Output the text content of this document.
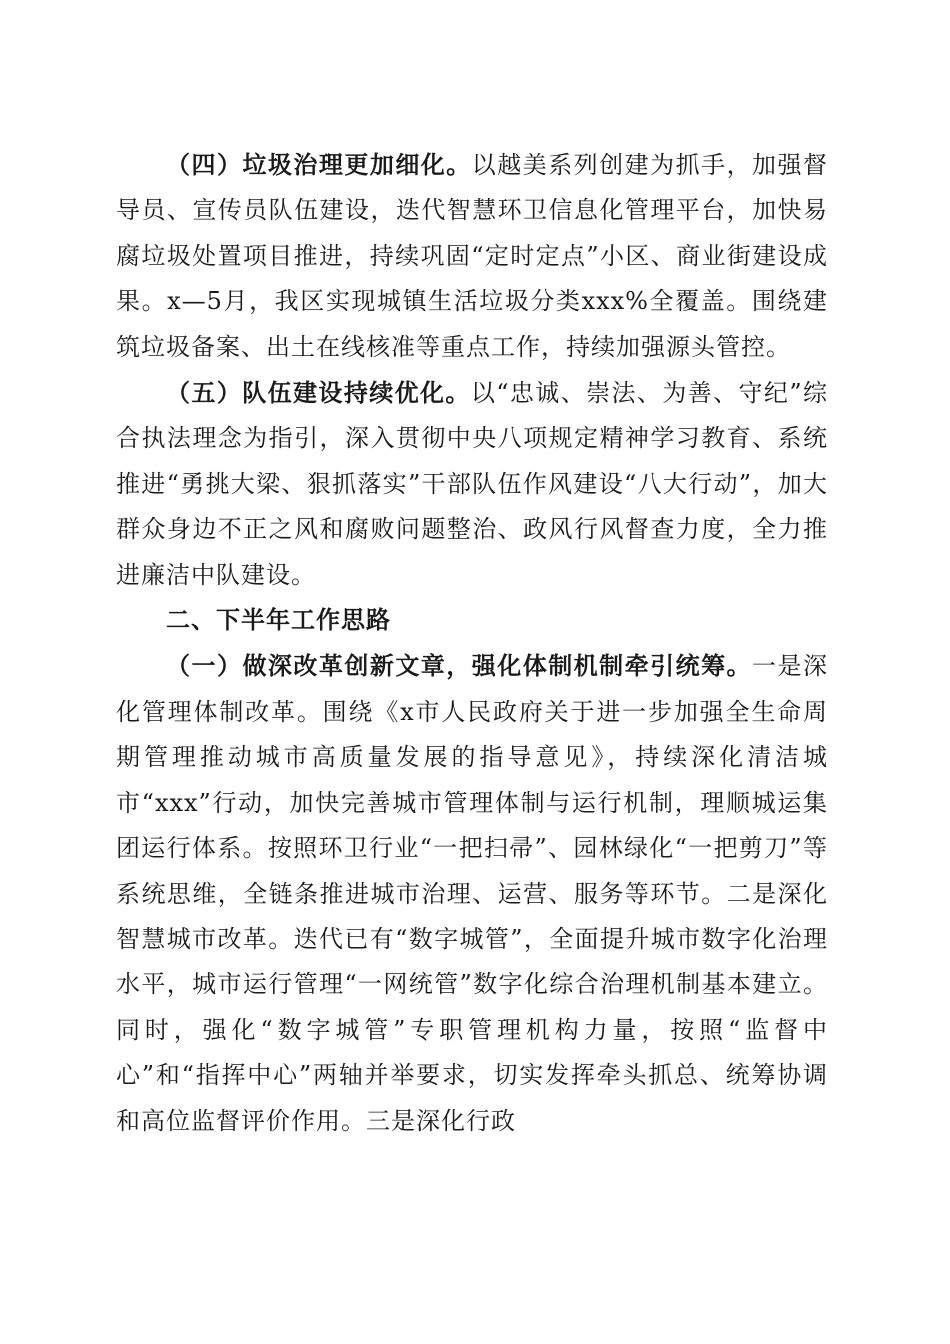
（四）垃圾治理更加细化。以越美系列创建为抓手，加强督导员、宣传员队伍建设，迭代智慧环卫信息化管理平台，加快易腐垃圾处置项目推进，持续巩固“定时定点”小区、商业街建设成果。x—5月，我区实现城镇生活垃圾分类xxx%全覆盖。围绕建筑垃圾备案、出土在线核准等重点工作，持续加强源头管控。

（五）队伍建设持续优化。以“忠诚、崇法、为善、守纪”综合执法理念为指引，深入贯彻中央八项规定精神学习教育、系统推进“勇挑大梁、狠抓落实”干部队伍作风建设“八大行动”，加大群众身边不正之风和腐败问题整治、政风行风督查力度，全力推进廉洁中队建设。

二、下半年工作思路

（一）做深改革创新文章，强化体制机制牵引统筹。一是深化管理体制改革。围绕《x市人民政府关于进一步加强全生命周期管理推动城市高质量发展的指导意见》，持续深化清洁城市“xxx”行动，加快完善城市管理体制与运行机制，理顺城运集团运行体系。按照环卫行业“一把扫帚”、园林绿化“一把剪刀”等系统思维，全链条推进城市治理、运营、服务等环节。二是深化智慧城市改革。迭代已有“数字城管”，全面提升城市数字化治理水平，城市运行管理“一网统管”数字化综合治理机制基本建立。同时，强化“数字城管”专职管理机构力量，按照“监督中心”和“指挥中心”两轴并举要求，切实发挥牵头抓总、统筹协调和高位监督评价作用。三是深化行政
